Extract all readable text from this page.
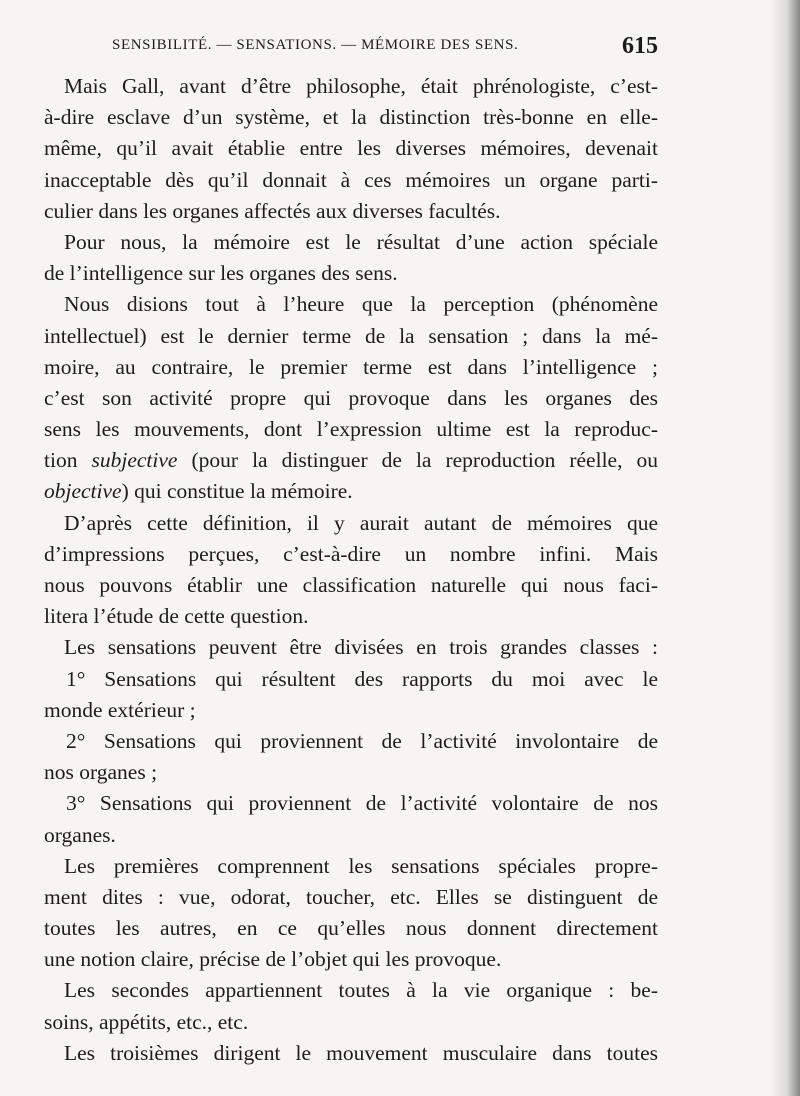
SENSIBILITÉ. — SENSATIONS. — MÉMOIRE DES SENS.	615
Mais Gall, avant d’être philosophe, était phrénologiste, c’est-
à-dire esclave d’un système, et la distinction très-bonne en elle-
même, qu’il avait établie entre les diverses mémoires, devenait
inacceptable dès qu’il donnait à ces mémoires un organe parti-
culier dans les organes affectés aux diverses facultés.
Pour nous, la mémoire est le résultat d’une action spéciale
de l’intelligence sur les organes des sens.
Nous disions tout à l’heure que la perception (phénomène
intellectuel) est le dernier terme de la sensation ; dans la mé-
moire, au contraire, le premier terme est dans l’intelligence ;
c’est son activité propre qui provoque dans les organes des
sens les mouvements, dont l’expression ultime est la reproduc-
tion subjective (pour la distinguer de la reproduction réelle, ou
objective) qui constitue la mémoire.
D’après cette définition, il y aurait autant de mémoires que
d’impressions perçues, c’est-à-dire un nombre infini. Mais
nous pouvons établir une classification naturelle qui nous faci-
litera l’étude de cette question.
Les sensations peuvent être divisées en trois grandes classes :
1° Sensations qui résultent des rapports du moi avec le
monde extérieur ;
2° Sensations qui proviennent de l’activité involontaire de
nos organes ;
3° Sensations qui proviennent de l’activité volontaire de nos
organes.
Les premières comprennent les sensations spéciales propre-
ment dites : vue, odorat, toucher, etc. Elles se distinguent de
toutes les autres, en ce qu’elles nous donnent directement
une notion claire, précise de l’objet qui les provoque.
Les secondes appartiennent toutes à la vie organique : be-
soins, appétits, etc., etc.
Les troisièmes dirigent le mouvement musculaire dans toutes
